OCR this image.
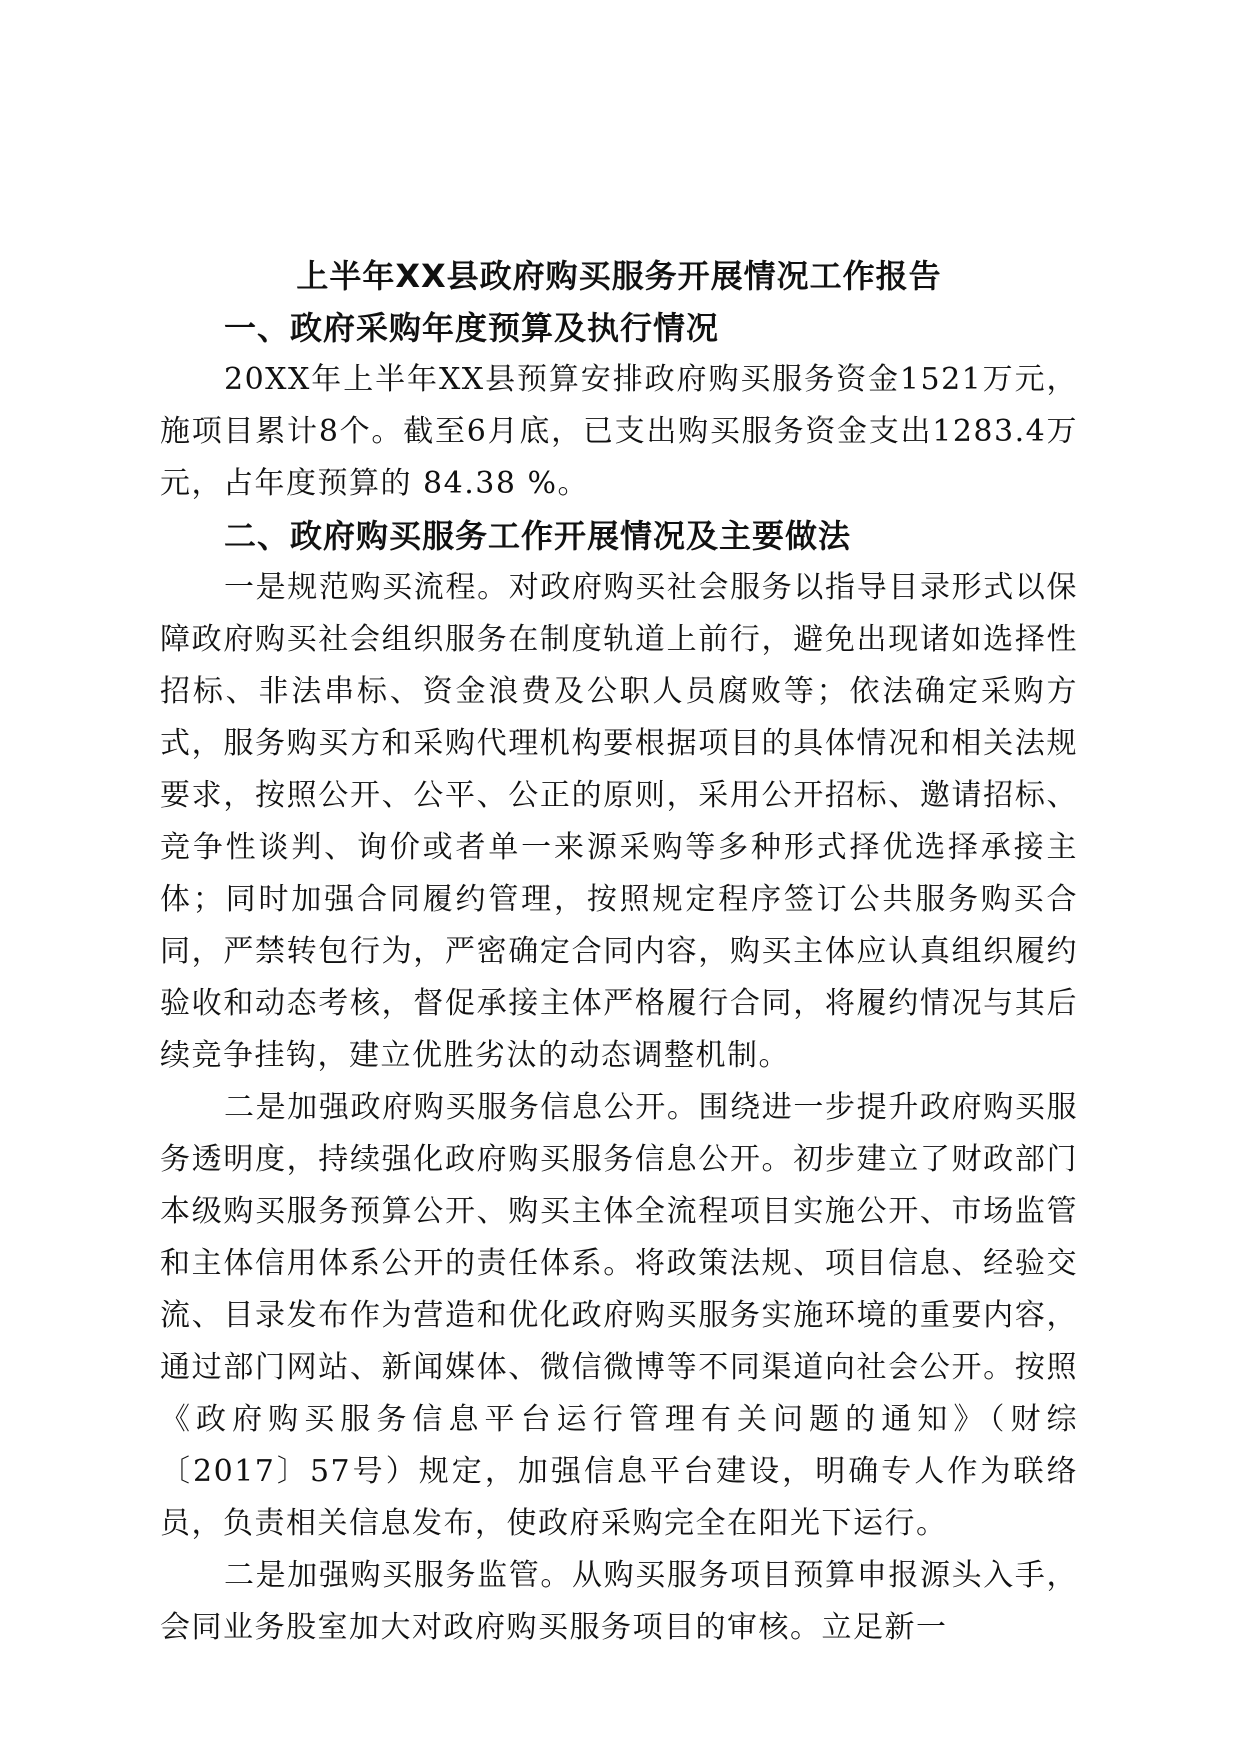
上半年XX县政府购买服务开展情况工作报告
一、政府采购年度预算及执行情况

20XX年上半年XX县预算安排政府购买服务资金1521万元，施项目累计8个。截至6月底，已支出购买服务资金支出1283.4万元，占年度预算的 84.38 %。

二、政府购买服务工作开展情况及主要做法

一是规范购买流程。对政府购买社会服务以指导目录形式以保障政府购买社会组织服务在制度轨道上前行，避免出现诸如选择性招标、非法串标、资金浪费及公职人员腐败等；依法确定采购方式，服务购买方和采购代理机构要根据项目的具体情况和相关法规要求，按照公开、公平、公正的原则，采用公开招标、邀请招标、竞争性谈判、询价或者单一来源采购等多种形式择优选择承接主体；同时加强合同履约管理，按照规定程序签订公共服务购买合同，严禁转包行为，严密确定合同内容，购买主体应认真组织履约验收和动态考核，督促承接主体严格履行合同，将履约情况与其后续竞争挂钩，建立优胜劣汰的动态调整机制。

二是加强政府购买服务信息公开。围绕进一步提升政府购买服务透明度，持续强化政府购买服务信息公开。初步建立了财政部门本级购买服务预算公开、购买主体全流程项目实施公开、市场监管和主体信用体系公开的责任体系。将政策法规、项目信息、经验交流、目录发布作为营造和优化政府购买服务实施环境的重要内容，通过部门网站、新闻媒体、微信微博等不同渠道向社会公开。按照《政府购买服务信息平台运行管理有关问题的通知》（财综〔2017〕57号）规定，加强信息平台建设，明确专人作为联络员，负责相关信息发布，使政府采购完全在阳光下运行。

二是加强购买服务监管。从购买服务项目预算申报源头入手，会同业务股室加大对政府购买服务项目的审核。立足新一
